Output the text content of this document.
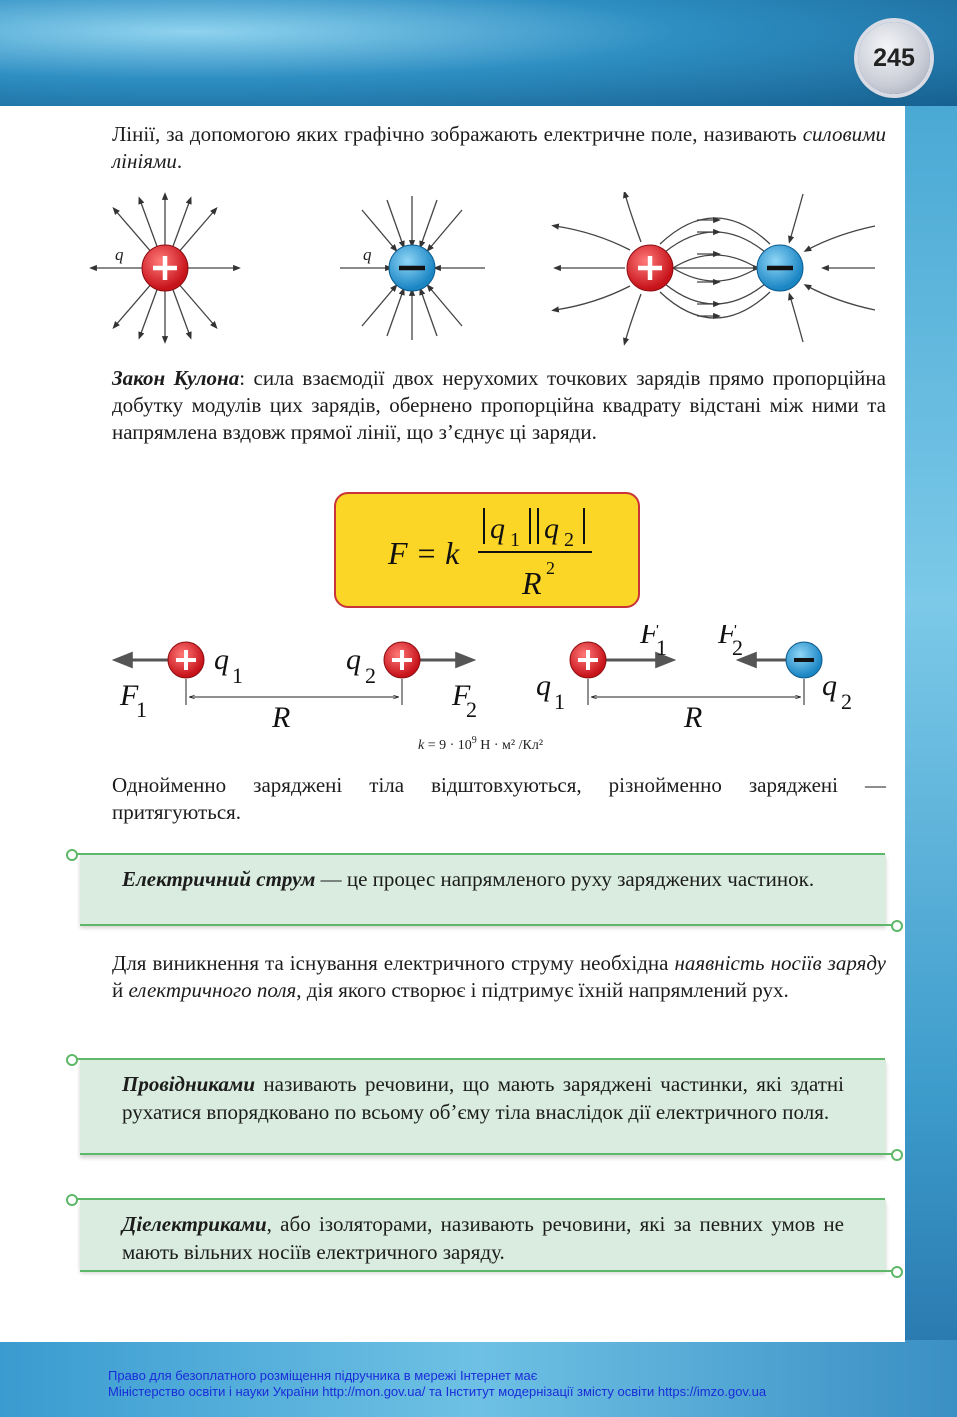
245

Лінії, за допомогою яких графічно зображають електричне поле, називають силовими лініями.

q	q

Закон Кулона: сила взаємодії двох нерухомих точкових зарядів прямо пропорційна добутку модулів цих зарядів, обернено пропорційна квадрату відстані між ними та напрямлена вздовж прямої лінії, що з’єднує ці заряди.

F = k
q 1 q 2
R 2
q 1	q 2
F
1	F
2
R
F
1 F
2
q 1	q 2
R
$k = 9 \cdot 10^9$ Н · м² /Кл²

Однойменно заряджені тіла відштовхуються, різнойменно заряджені — притягуються.

Електричний струм — це процес напрямленого руху заряджених частинок.

Для виникнення та існування електричного струму необхідна наявність носіїв заряду й електричного поля, дія якого створює і підтримує їхній напрямлений рух.

Провідниками називають речовини, що мають заряджені частинки, які здатні рухатися впорядковано по всьому об’єму тіла внаслідок дії електричного поля.

Діелектриками, або ізоляторами, називають речовини, які за певних умов не мають вільних носіїв електричного заряду.

Право для безоплатного розміщення підручника в мережі Інтернет має
Міністерство освіти і науки України http://mon.gov.ua/ та Інститут модернізації змісту освіти https://imzo.gov.ua
